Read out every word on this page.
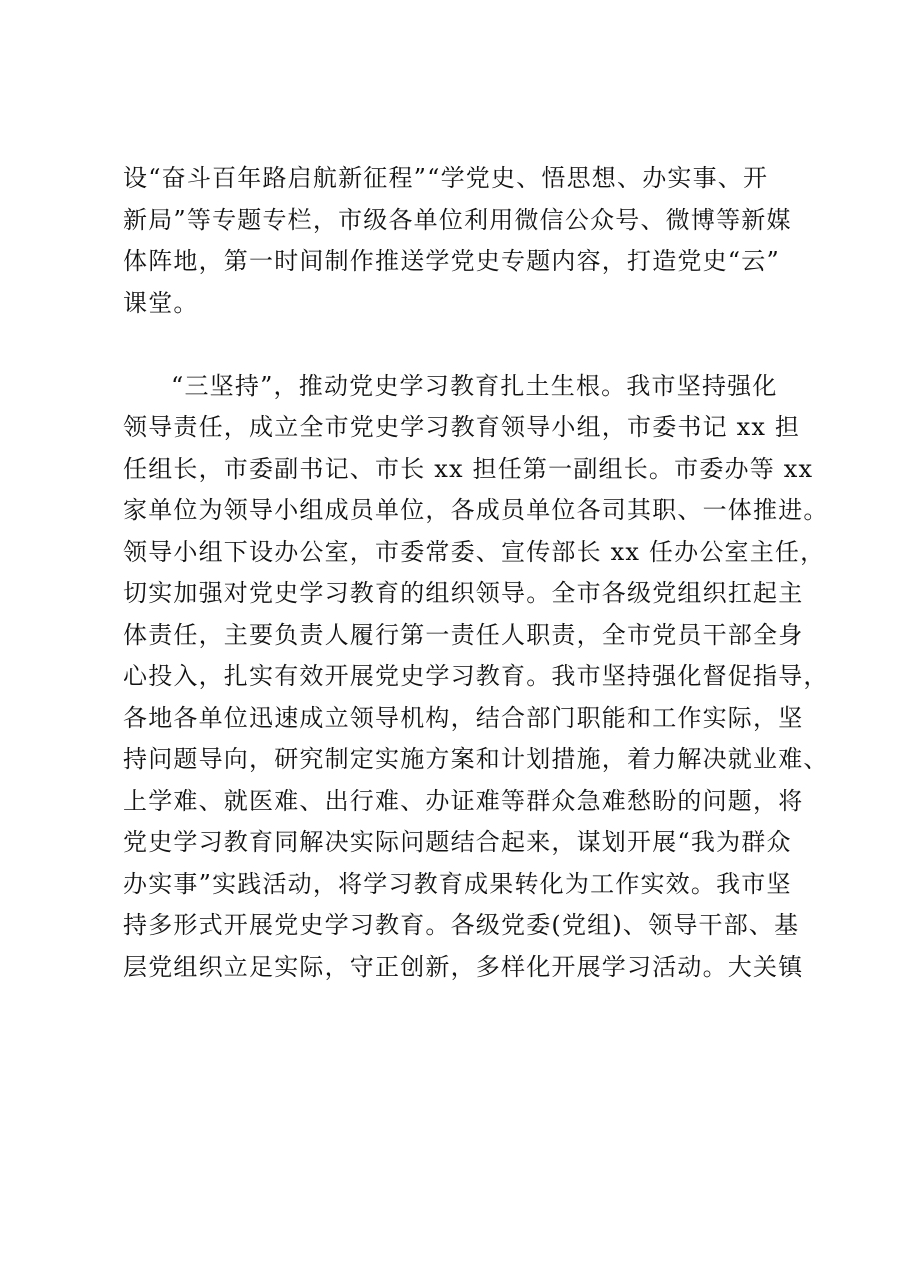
设“奋斗百年路启航新征程”“学党史、悟思想、办实事、开
新局”等专题专栏，市级各单位利用微信公众号、微博等新媒
体阵地，第一时间制作推送学党史专题内容，打造党史“云”
课堂。

“三坚持”，推动党史学习教育扎土生根。我市坚持强化
领导责任，成立全市党史学习教育领导小组，市委书记 xx 担
任组长，市委副书记、市长 xx 担任第一副组长。市委办等 xx
家单位为领导小组成员单位，各成员单位各司其职、一体推进。
领导小组下设办公室，市委常委、宣传部长 xx 任办公室主任，
切实加强对党史学习教育的组织领导。全市各级党组织扛起主
体责任，主要负责人履行第一责任人职责，全市党员干部全身
心投入，扎实有效开展党史学习教育。我市坚持强化督促指导，
各地各单位迅速成立领导机构，结合部门职能和工作实际，坚
持问题导向，研究制定实施方案和计划措施，着力解决就业难、
上学难、就医难、出行难、办证难等群众急难愁盼的问题，将
党史学习教育同解决实际问题结合起来，谋划开展“我为群众
办实事”实践活动，将学习教育成果转化为工作实效。我市坚
持多形式开展党史学习教育。各级党委(党组)、领导干部、基
层党组织立足实际，守正创新，多样化开展学习活动。大关镇
